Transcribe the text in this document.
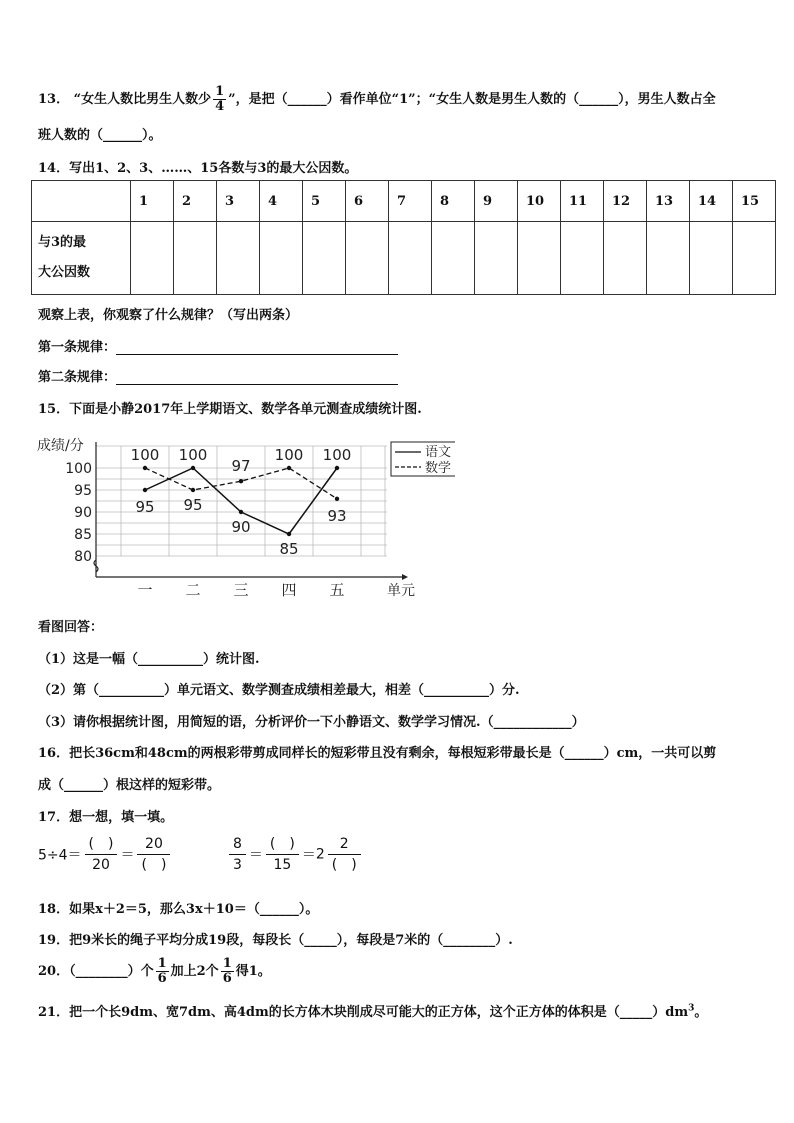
13． “女生人数比男生人数少 $\frac{1}{4}$ ”，是把（______）看作单位“1”；“女生人数是男生人数的（______），男生人数占全
班人数的（______）。
14．写出1、2、3、……、15各数与3的最大公因数。
	1	2	3	4	5	6	7	8	9	10	11	12	13	14	15

与3的最
大公因数															

观察上表，你观察了什么规律？（写出两条）
第一条规律：
第二条规律：
15．下面是小静2017年上学期语文、数学各单元测查成绩统计图.
成绩/分
80
85
90
95
100
一 二 三 四 五	单元
95
100
90
85
100
100
95
97
100
93
语文
数学
看图回答：
（1）这是一幅（__________）统计图.
（2）第（__________）单元语文、数学测查成绩相差最大，相差（__________）分.
（3）请你根据统计图，用简短的语，分析评价一下小静语文、数学学习情况.（____________）
16．把长36cm和48cm的两根彩带剪成同样长的短彩带且没有剩余，每根短彩带最长是（______）cm，一共可以剪
成（______）根这样的短彩带。
17．想一想，填一填。
5÷4＝
(　)
20
＝
20
(　)	$\frac{8}{3}$ ＝
(　)
15
＝2
2
(　)
18．如果x＋2＝5，那么3x＋10＝（______）。
19．把9米长的绳子平均分成19段，每段长（_____），每段是7米的（________）.
20．（________）个 $\frac{1}{6}$ 加上2个 $\frac{1}{6}$ 得1。
21．把一个长9dm、宽7dm、高4dm的长方体木块削成尽可能大的正方体，这个正方体的体积是$(\_\_\_\_\_)dm^3$。
